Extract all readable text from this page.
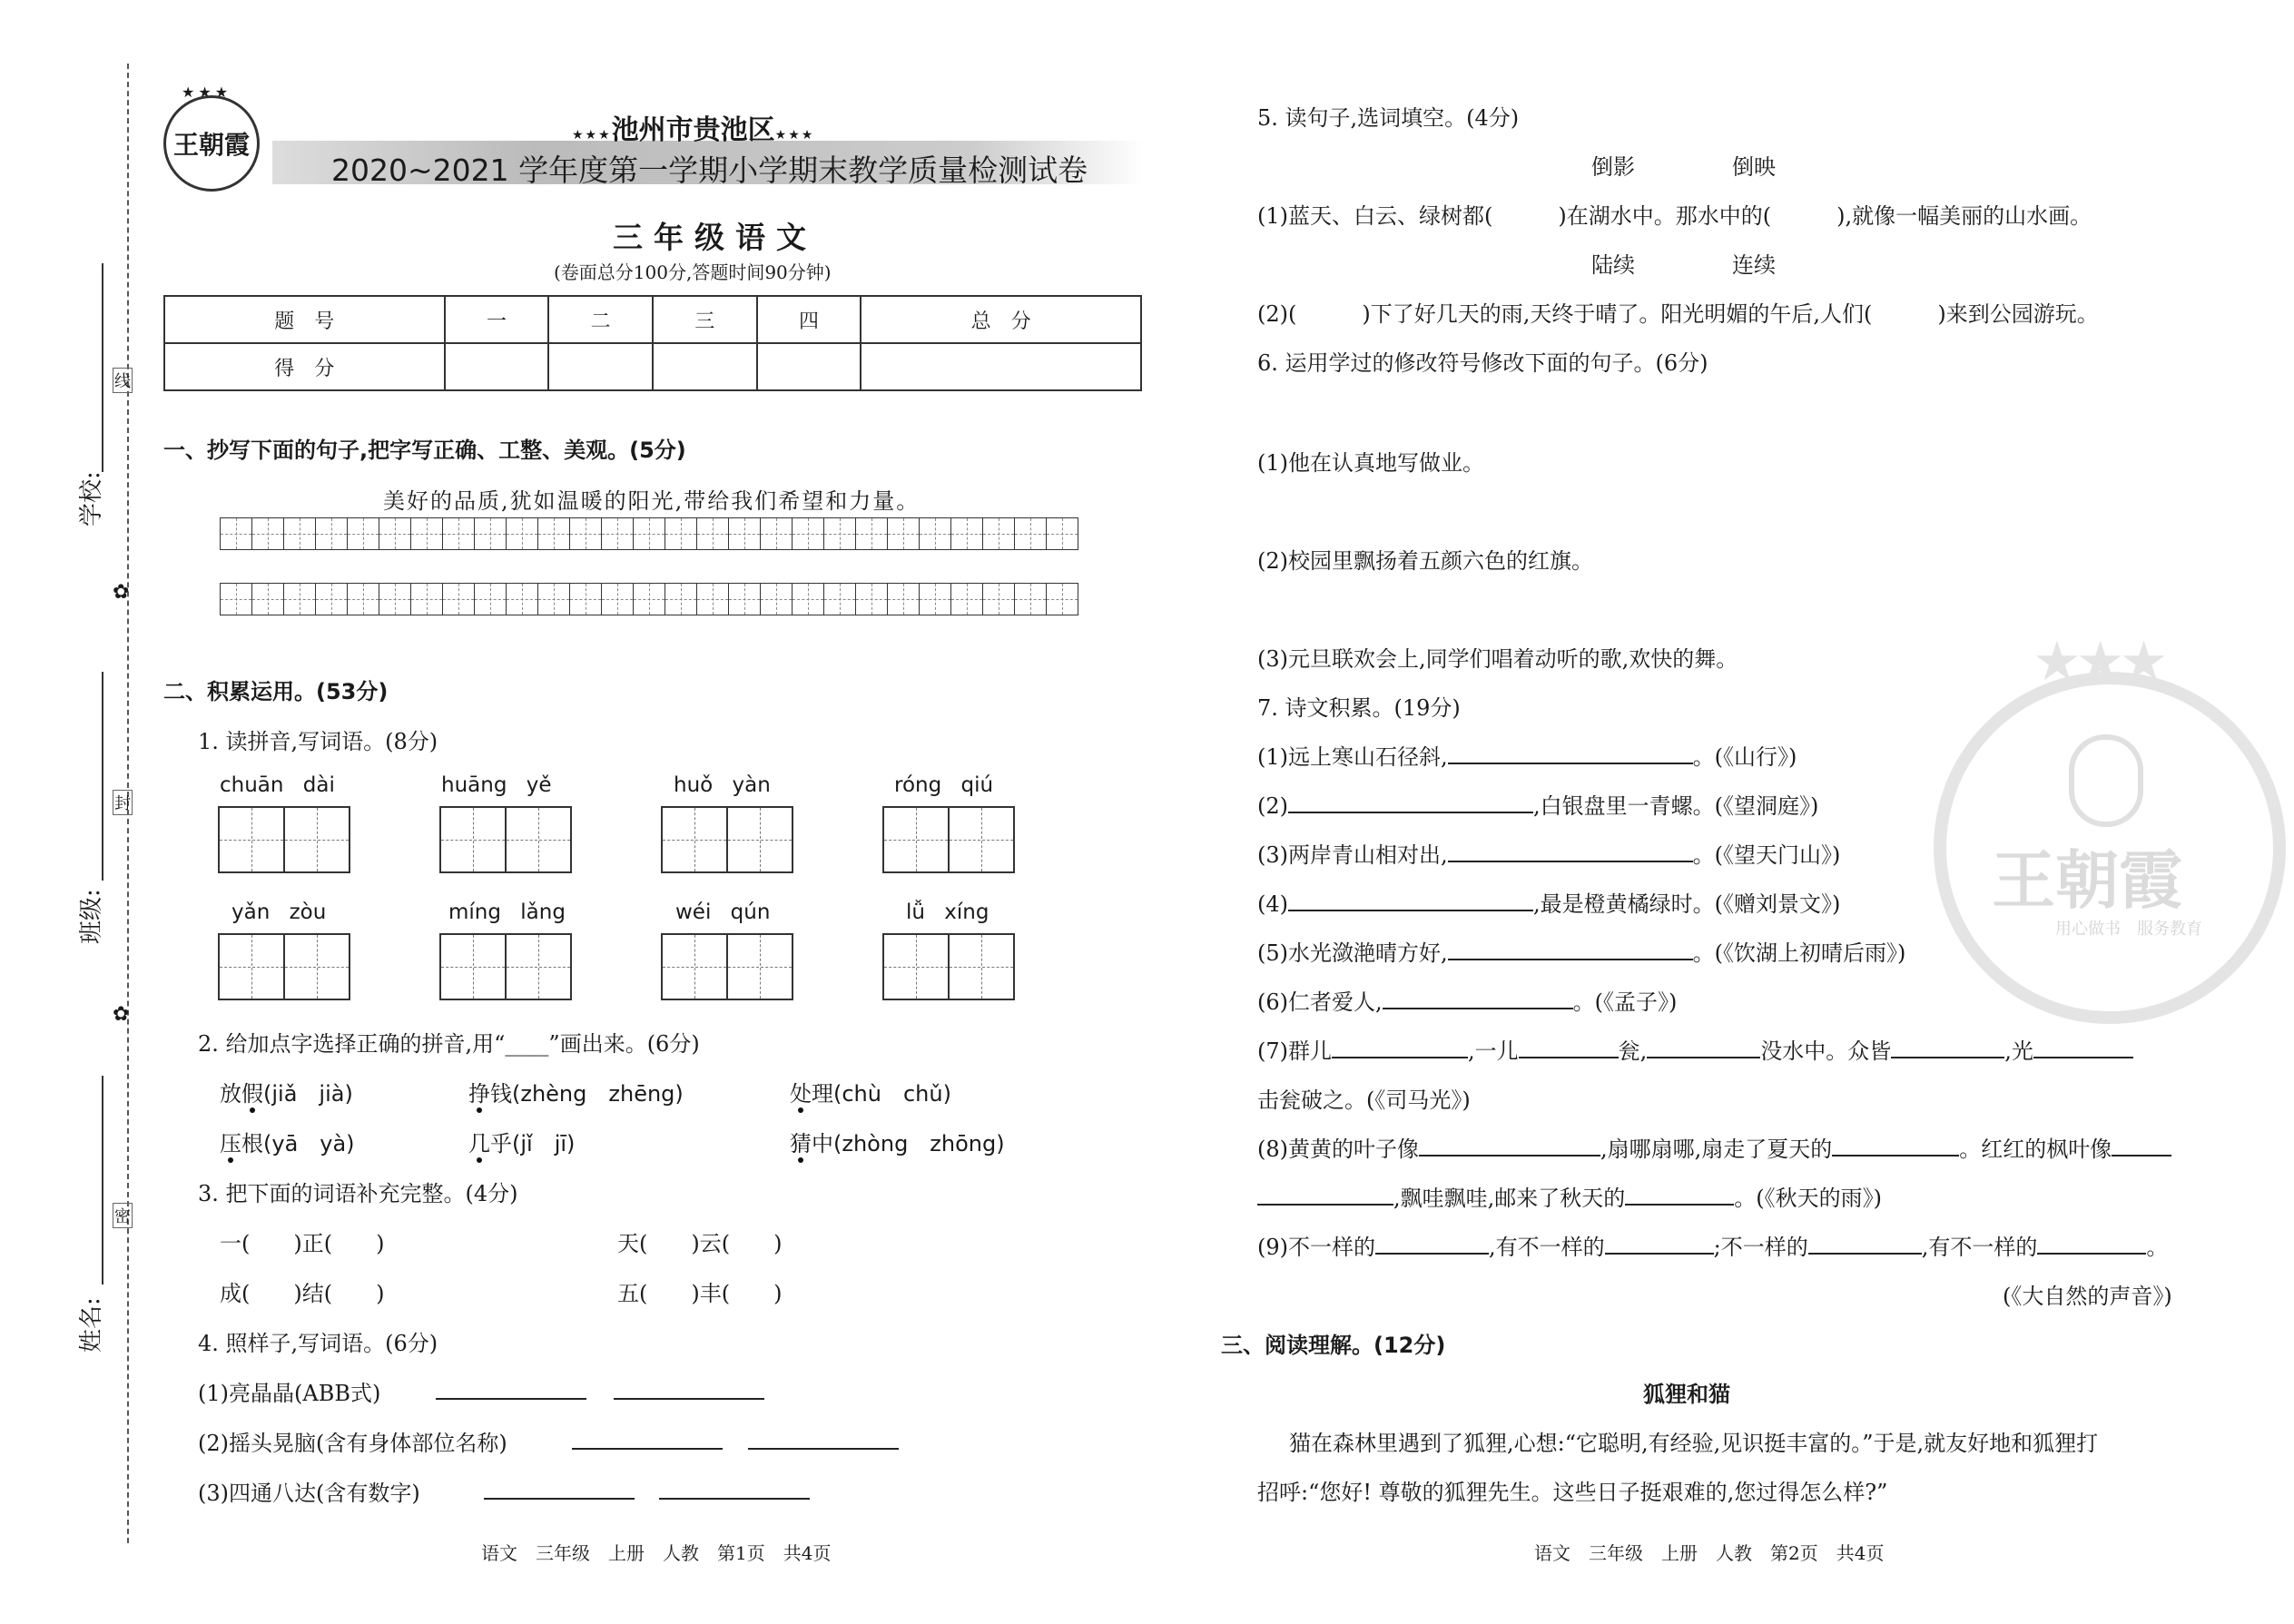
学校:
线
✿
班级:
封
✿
姓名:
密
王朝霞
★★★
★★★池州市贵池区★★★
2020~2021 学年度第一学期小学期末教学质量检测试卷
三年级语文
(卷面总分100分,答题时间90分钟)
题　号	一	二	三	四	总　分
得　分					
一、抄写下面的句子,把字写正确、工整、美观。(5分)
美好的品质,犹如温暖的阳光,带给我们希望和力量。
二、积累运用。(53分)
1. 读拼音,写词语。(8分)
chuān dài	huāng yě	huǒ yàn	róng qiú
yǎn zòu	míng lǎng	wéi qún	lǚ xíng
2. 给加点字选择正确的拼音,用“____”画出来。(6分)
放假(jiǎ　jià)	挣钱(zhèng　zhēng)	处理(chù　chǔ)
压根(yā　yà)	几乎(jǐ　jī)	猜中(zhòng　zhōng)
3. 把下面的词语补充完整。(4分)
一(　　)正(　　)	天(　　)云(　　)
成(　　)结(　　)	五(　　)丰(　　)
4. 照样子,写词语。(6分)
(1)亮晶晶(ABB式)
(2)摇头晃脑(含有身体部位名称)
(3)四通八达(含有数字)
语文　三年级　上册　人教　第1页　共4页
5. 读句子,选词填空。(4分)
倒影	倒映
(1)蓝天、白云、绿树都(　　　)在湖水中。那水中的(　　　),就像一幅美丽的山水画。
陆续	连续
(2)(　　　)下了好几天的雨,天终于晴了。阳光明媚的午后,人们(　　　)来到公园游玩。
6. 运用学过的修改符号修改下面的句子。(6分)
(1)他在认真地写做业。
(2)校园里飘扬着五颜六色的红旗。
(3)元旦联欢会上,同学们唱着动听的歌,欢快的舞。
7. 诗文积累。(19分)
(1)远上寒山石径斜,	。(《山行》)
(2)	,白银盘里一青螺。(《望洞庭》)
(3)两岸青山相对出,	。(《望天门山》)
(4)	,最是橙黄橘绿时。(《赠刘景文》)
(5)水光潋滟晴方好,	。(《饮湖上初晴后雨》)
(6)仁者爱人,	。(《孟子》)
(7)群儿	,一儿	瓮,	没水中。众皆	,光
击瓮破之。(《司马光》)
(8)黄黄的叶子像	,扇哪扇哪,扇走了夏天的	。红红的枫叶像
,飘哇飘哇,邮来了秋天的	。(《秋天的雨》)
(9)不一样的	,有不一样的	;不一样的	,有不一样的	。
(《大自然的声音》)
三、阅读理解。(12分)
狐狸和猫
猫在森林里遇到了狐狸,心想:“它聪明,有经验,见识挺丰富的。”于是,就友好地和狐狸打
招呼:“您好! 尊敬的狐狸先生。这些日子挺艰难的,您过得怎么样?”
语文　三年级　上册　人教　第2页　共4页
★★★
王朝霞
用心做书　服务教育
